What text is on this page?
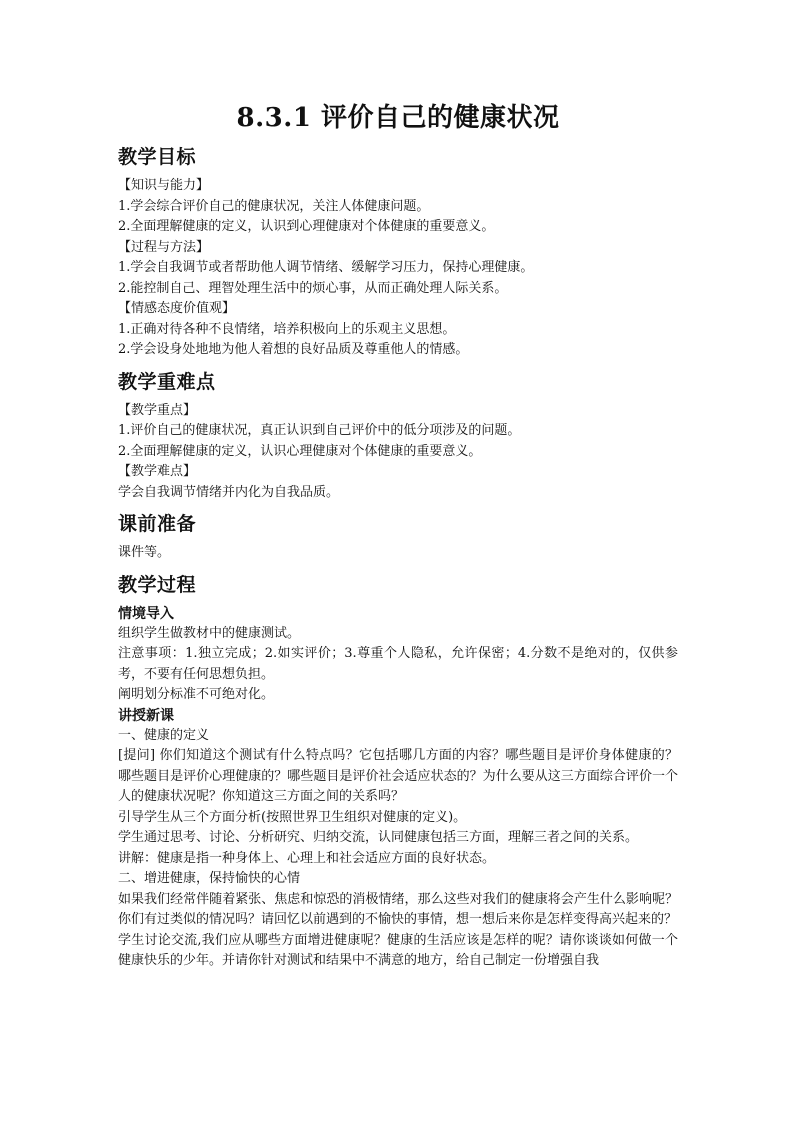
8.3.1 评价自己的健康状况
教学目标

【知识与能力】

1.学会综合评价自己的健康状况，关注人体健康问题。

2.全面理解健康的定义，认识到心理健康对个体健康的重要意义。

【过程与方法】

1.学会自我调节或者帮助他人调节情绪、缓解学习压力，保持心理健康。

2.能控制自己、理智处理生活中的烦心事，从而正确处理人际关系。

【情感态度价值观】

1.正确对待各种不良情绪，培养积极向上的乐观主义思想。

2.学会设身处地地为他人着想的良好品质及尊重他人的情感。

教学重难点

【教学重点】

1.评价自己的健康状况，真正认识到自己评价中的低分项涉及的问题。

2.全面理解健康的定义，认识心理健康对个体健康的重要意义。

【教学难点】

学会自我调节情绪并内化为自我品质。

课前准备

课件等。

教学过程

情境导入

组织学生做教材中的健康测试。

注意事项：1.独立完成；2.如实评价；3.尊重个人隐私，允许保密；4.分数不是绝对的，仅供参考，不要有任何思想负担。

阐明划分标准不可绝对化。

讲授新课

一、健康的定义

[提问] 你们知道这个测试有什么特点吗？它包括哪几方面的内容？哪些题目是评价身体健康的？哪些题目是评价心理健康的？哪些题目是评价社会适应状态的？为什么要从这三方面综合评价一个人的健康状况呢？你知道这三方面之间的关系吗？

引导学生从三个方面分析(按照世界卫生组织对健康的定义)。

学生通过思考、讨论、分析研究、归纳交流，认同健康包括三方面，理解三者之间的关系。

讲解：健康是指一种身体上、心理上和社会适应方面的良好状态。

二、增进健康，保持愉快的心情

如果我们经常伴随着紧张、焦虑和惊恐的消极情绪，那么这些对我们的健康将会产生什么影响呢？你们有过类似的情况吗？请回忆以前遇到的不愉快的事情，想一想后来你是怎样变得高兴起来的？

学生讨论交流,我们应从哪些方面增进健康呢？健康的生活应该是怎样的呢？请你谈谈如何做一个健康快乐的少年。并请你针对测试和结果中不满意的地方，给自己制定一份增强自我
